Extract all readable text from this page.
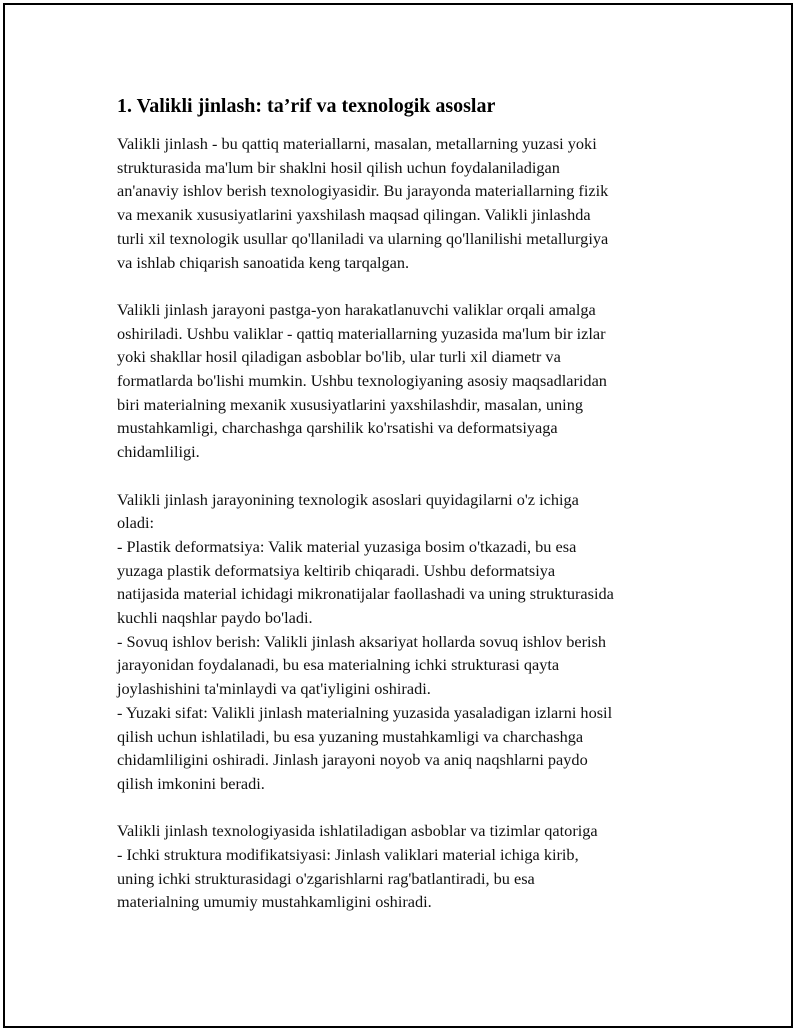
1. Valikli jinlash: ta’rif va texnologik asoslar

Valikli jinlash - bu qattiq materiallarni, masalan, metallarning yuzasi yoki
strukturasida ma'lum bir shaklni hosil qilish uchun foydalaniladigan
an'anaviy ishlov berish texnologiyasidir. Bu jarayonda materiallarning fizik
va mexanik xususiyatlarini yaxshilash maqsad qilingan. Valikli jinlashda
turli xil texnologik usullar qo'llaniladi va ularning qo'llanilishi metallurgiya
va ishlab chiqarish sanoatida keng tarqalgan.

Valikli jinlash jarayoni pastga-yon harakatlanuvchi valiklar orqali amalga
oshiriladi. Ushbu valiklar - qattiq materiallarning yuzasida ma'lum bir izlar
yoki shakllar hosil qiladigan asboblar bo'lib, ular turli xil diametr va
formatlarda bo'lishi mumkin. Ushbu texnologiyaning asosiy maqsadlaridan
biri materialning mexanik xususiyatlarini yaxshilashdir, masalan, uning
mustahkamligi, charchashga qarshilik ko'rsatishi va deformatsiyaga
chidamliligi.

Valikli jinlash jarayonining texnologik asoslari quyidagilarni o'z ichiga
oladi:
- Plastik deformatsiya: Valik material yuzasiga bosim o'tkazadi, bu esa
yuzaga plastik deformatsiya keltirib chiqaradi. Ushbu deformatsiya
natijasida material ichidagi mikronatijalar faollashadi va uning strukturasida
kuchli naqshlar paydo bo'ladi.
- Sovuq ishlov berish: Valikli jinlash aksariyat hollarda sovuq ishlov berish
jarayonidan foydalanadi, bu esa materialning ichki strukturasi qayta
joylashishini ta'minlaydi va qat'iyligini oshiradi.
- Yuzaki sifat: Valikli jinlash materialning yuzasida yasaladigan izlarni hosil
qilish uchun ishlatiladi, bu esa yuzaning mustahkamligi va charchashga
chidamliligini oshiradi. Jinlash jarayoni noyob va aniq naqshlarni paydo
qilish imkonini beradi.

Valikli jinlash texnologiyasida ishlatiladigan asboblar va tizimlar qatoriga
- Ichki struktura modifikatsiyasi: Jinlash valiklari material ichiga kirib,
uning ichki strukturasidagi o'zgarishlarni rag'batlantiradi, bu esa
materialning umumiy mustahkamligini oshiradi.
